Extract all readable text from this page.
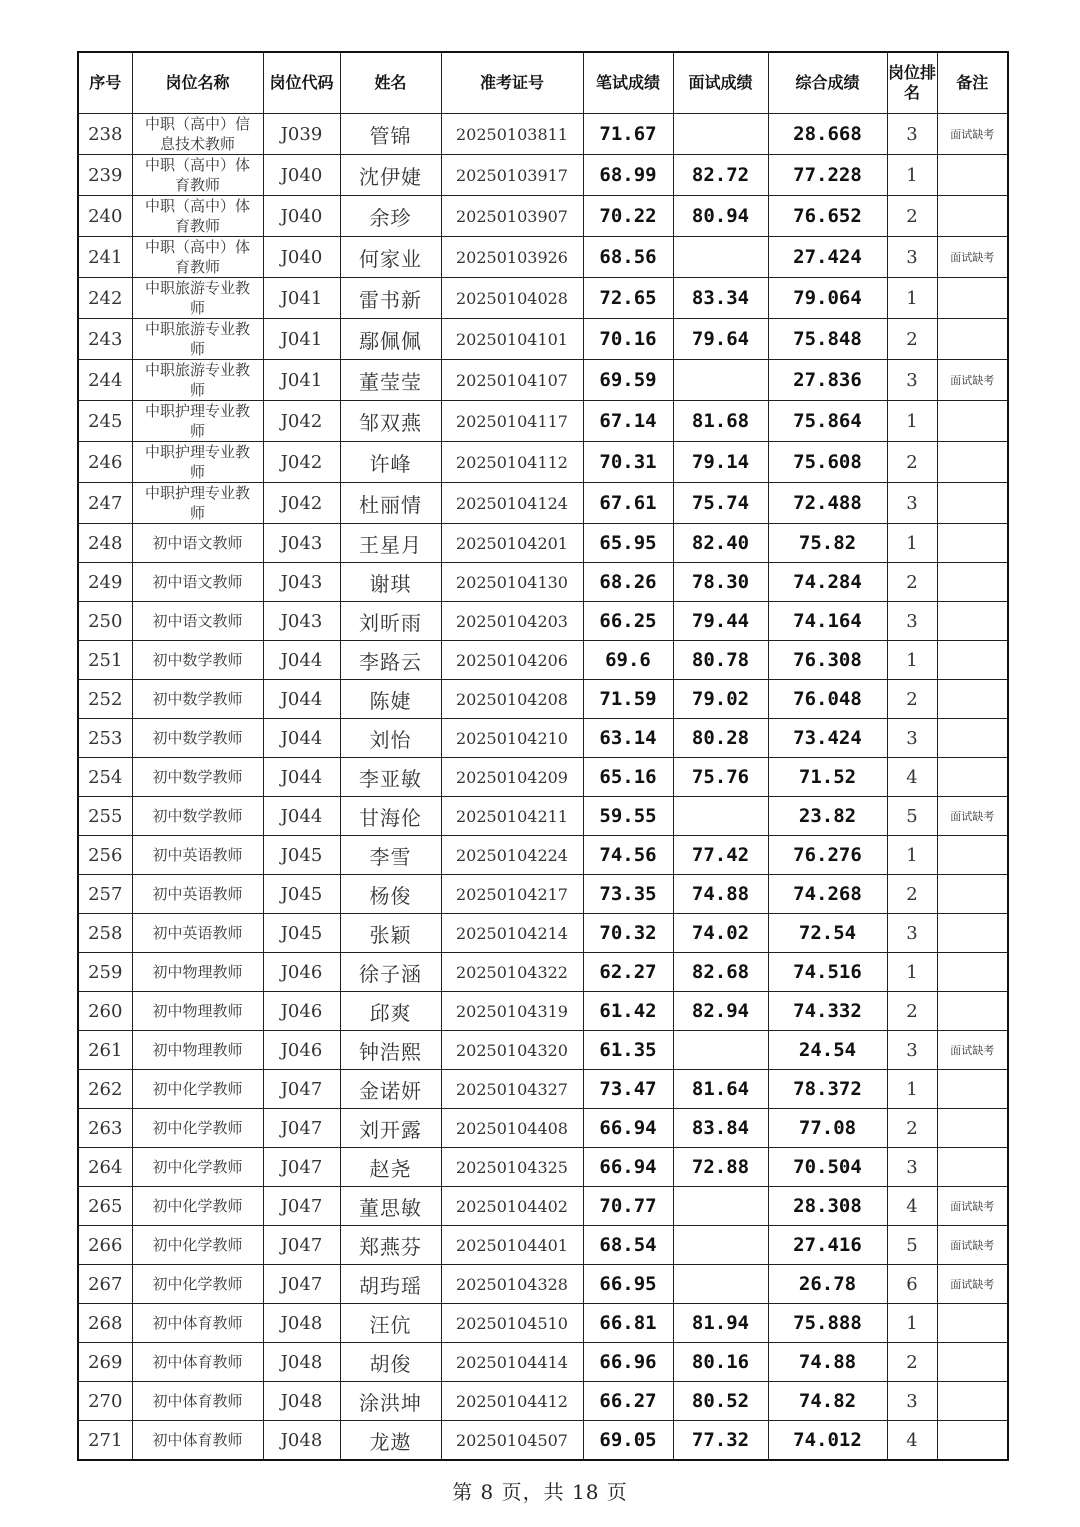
序号	岗位名称	岗位代码	姓名	准考证号	笔试成绩	面试成绩	综合成绩	岗位排名	备注
238	中职（高中）信息技术教师	J039	管锦	20250103811	71.67		28.668	3	面试缺考
239	中职（高中）体育教师	J040	沈伊婕	20250103917	68.99	82.72	77.228	1	
240	中职（高中）体育教师	J040	余珍	20250103907	70.22	80.94	76.652	2	
241	中职（高中）体育教师	J040	何家业	20250103926	68.56		27.424	3	面试缺考
242	中职旅游专业教师	J041	雷书新	20250104028	72.65	83.34	79.064	1	
243	中职旅游专业教师	J041	鄢佩佩	20250104101	70.16	79.64	75.848	2	
244	中职旅游专业教师	J041	董莹莹	20250104107	69.59		27.836	3	面试缺考
245	中职护理专业教师	J042	邹双燕	20250104117	67.14	81.68	75.864	1	
246	中职护理专业教师	J042	许峰	20250104112	70.31	79.14	75.608	2	
247	中职护理专业教师	J042	杜丽情	20250104124	67.61	75.74	72.488	3	
248	初中语文教师	J043	王星月	20250104201	65.95	82.40	75.82	1	
249	初中语文教师	J043	谢琪	20250104130	68.26	78.30	74.284	2	
250	初中语文教师	J043	刘昕雨	20250104203	66.25	79.44	74.164	3	
251	初中数学教师	J044	李路云	20250104206	69.6	80.78	76.308	1	
252	初中数学教师	J044	陈婕	20250104208	71.59	79.02	76.048	2	
253	初中数学教师	J044	刘怡	20250104210	63.14	80.28	73.424	3	
254	初中数学教师	J044	李亚敏	20250104209	65.16	75.76	71.52	4	
255	初中数学教师	J044	甘海伦	20250104211	59.55		23.82	5	面试缺考
256	初中英语教师	J045	李雪	20250104224	74.56	77.42	76.276	1	
257	初中英语教师	J045	杨俊	20250104217	73.35	74.88	74.268	2	
258	初中英语教师	J045	张颖	20250104214	70.32	74.02	72.54	3	
259	初中物理教师	J046	徐子涵	20250104322	62.27	82.68	74.516	1	
260	初中物理教师	J046	邱爽	20250104319	61.42	82.94	74.332	2	
261	初中物理教师	J046	钟浩熙	20250104320	61.35		24.54	3	面试缺考
262	初中化学教师	J047	金诺妍	20250104327	73.47	81.64	78.372	1	
263	初中化学教师	J047	刘开露	20250104408	66.94	83.84	77.08	2	
264	初中化学教师	J047	赵尧	20250104325	66.94	72.88	70.504	3	
265	初中化学教师	J047	董思敏	20250104402	70.77		28.308	4	面试缺考
266	初中化学教师	J047	郑燕芬	20250104401	68.54		27.416	5	面试缺考
267	初中化学教师	J047	胡玙瑶	20250104328	66.95		26.78	6	面试缺考
268	初中体育教师	J048	汪伉	20250104510	66.81	81.94	75.888	1	
269	初中体育教师	J048	胡俊	20250104414	66.96	80.16	74.88	2	
270	初中体育教师	J048	涂洪坤	20250104412	66.27	80.52	74.82	3	
271	初中体育教师	J048	龙遨	20250104507	69.05	77.32	74.012	4	
第 8 页，共 18 页
